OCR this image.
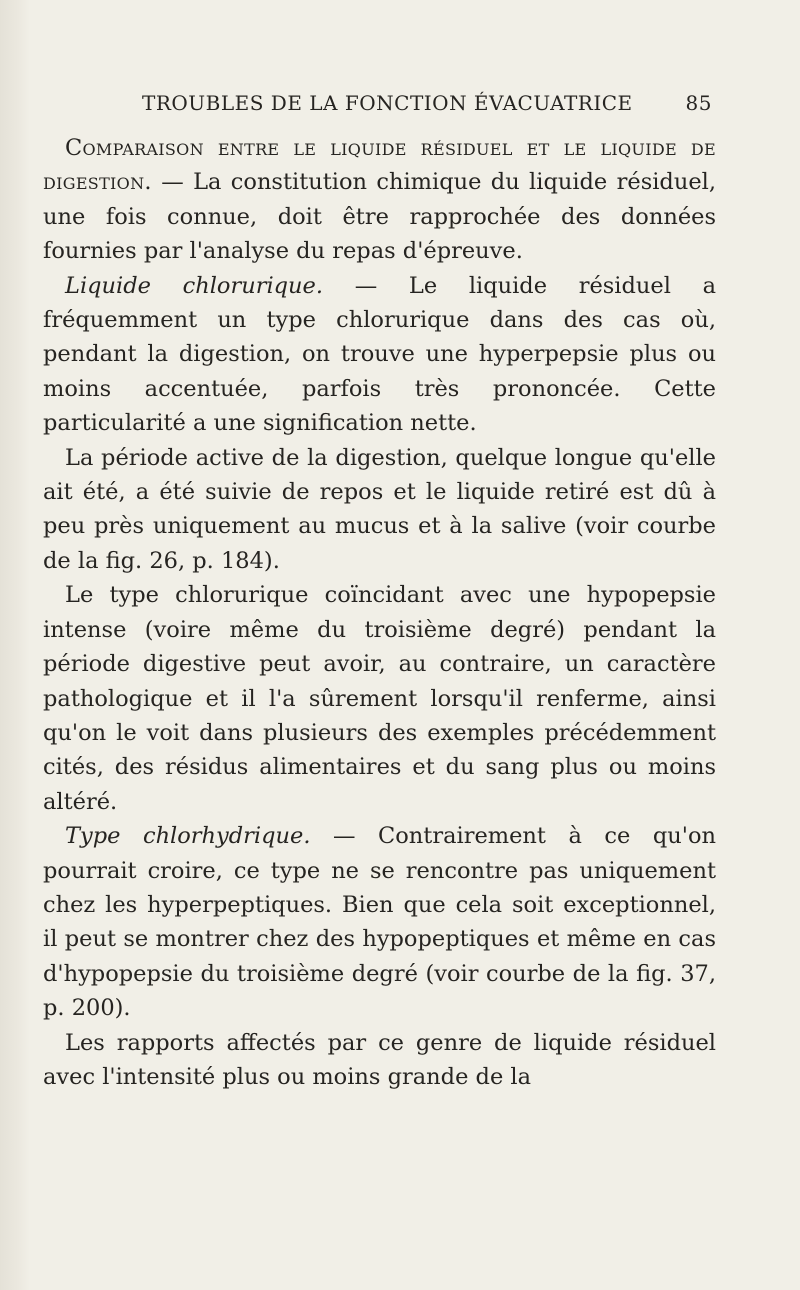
TROUBLES DE LA FONCTION ÉVACUATRICE	85

Comparaison entre le liquide résiduel et le liquide de digestion. — La constitution chimique du liquide résiduel, une fois connue, doit être rapprochée des données fournies par l'analyse du repas d'épreuve.

Liquide chlorurique. — Le liquide résiduel a fréquemment un type chlorurique dans des cas où, pendant la digestion, on trouve une hyperpepsie plus ou moins accentuée, parfois très prononcée. Cette particularité a une signification nette.

La période active de la digestion, quelque longue qu'elle ait été, a été suivie de repos et le liquide retiré est dû à peu près uniquement au mucus et à la salive (voir courbe de la fig. 26, p. 184).

Le type chlorurique coïncidant avec une hypopepsie intense (voire même du troisième degré) pendant la période digestive peut avoir, au contraire, un caractère pathologique et il l'a sûrement lorsqu'il renferme, ainsi qu'on le voit dans plusieurs des exemples précédemment cités, des résidus alimentaires et du sang plus ou moins altéré.

Type chlorhydrique. — Contrairement à ce qu'on pourrait croire, ce type ne se rencontre pas uniquement chez les hyperpeptiques. Bien que cela soit exceptionnel, il peut se montrer chez des hypopeptiques et même en cas d'hypopepsie du troisième degré (voir courbe de la fig. 37, p. 200).

Les rapports affectés par ce genre de liquide résiduel avec l'intensité plus ou moins grande de la
